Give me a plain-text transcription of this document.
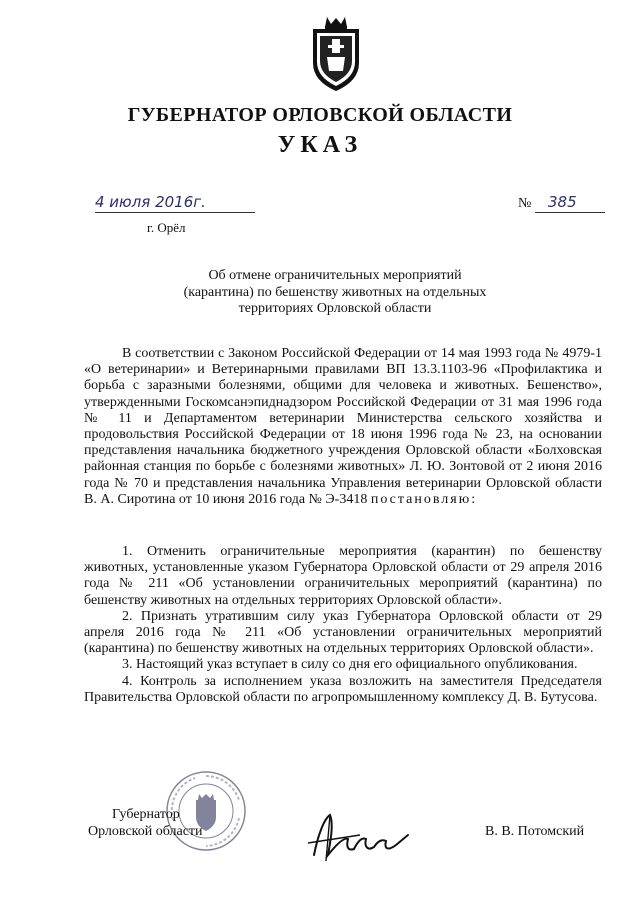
ГУБЕРНАТОР ОРЛОВСКОЙ ОБЛАСТИ
УКАЗ
4 июля 2016г.	№ 385
г. Орёл
Об отмене ограничительных мероприятий
(карантина) по бешенству животных на отдельных
территориях Орловской области

В соответствии с Законом Российской Федерации от 14 мая 1993 года № 4979-1 «О ветеринарии» и Ветеринарными правилами ВП 13.3.1103-96 «Профилактика и борьба с заразными болезнями, общими для человека и животных. Бешенство», утвержденными Госкомсанэпиднадзором Российской Федерации от 31 мая 1996 года № 11 и Департаментом ветеринарии Министерства сельского хозяйства и продовольствия Российской Федерации от 18 июня 1996 года № 23, на основании представления начальника бюджетного учреждения Орловской области «Болховская районная станция по борьбе с болезнями животных» Л. Ю. Зонтовой от 2 июня 2016 года № 70 и представления начальника Управления ветеринарии Орловской области В. А. Сиротина от 10 июня 2016 года № Э-3418 постановляю:

1. Отменить ограничительные мероприятия (карантин) по бешенству животных, установленные указом Губернатора Орловской области от 29 апреля 2016 года № 211 «Об установлении ограничительных мероприятий (карантина) по бешенству животных на отдельных территориях Орловской области».

2. Признать утратившим силу указ Губернатора Орловской области от 29 апреля 2016 года № 211 «Об установлении ограничительных мероприятий (карантина) по бешенству животных на отдельных территориях Орловской области».

3. Настоящий указ вступает в силу со дня его официального опубликования.

4. Контроль за исполнением указа возложить на заместителя Председателя Правительства Орловской области по агропромышленному комплексу Д. В. Бутусова.

Губернатор
Орловской области	В. В. Потомский
